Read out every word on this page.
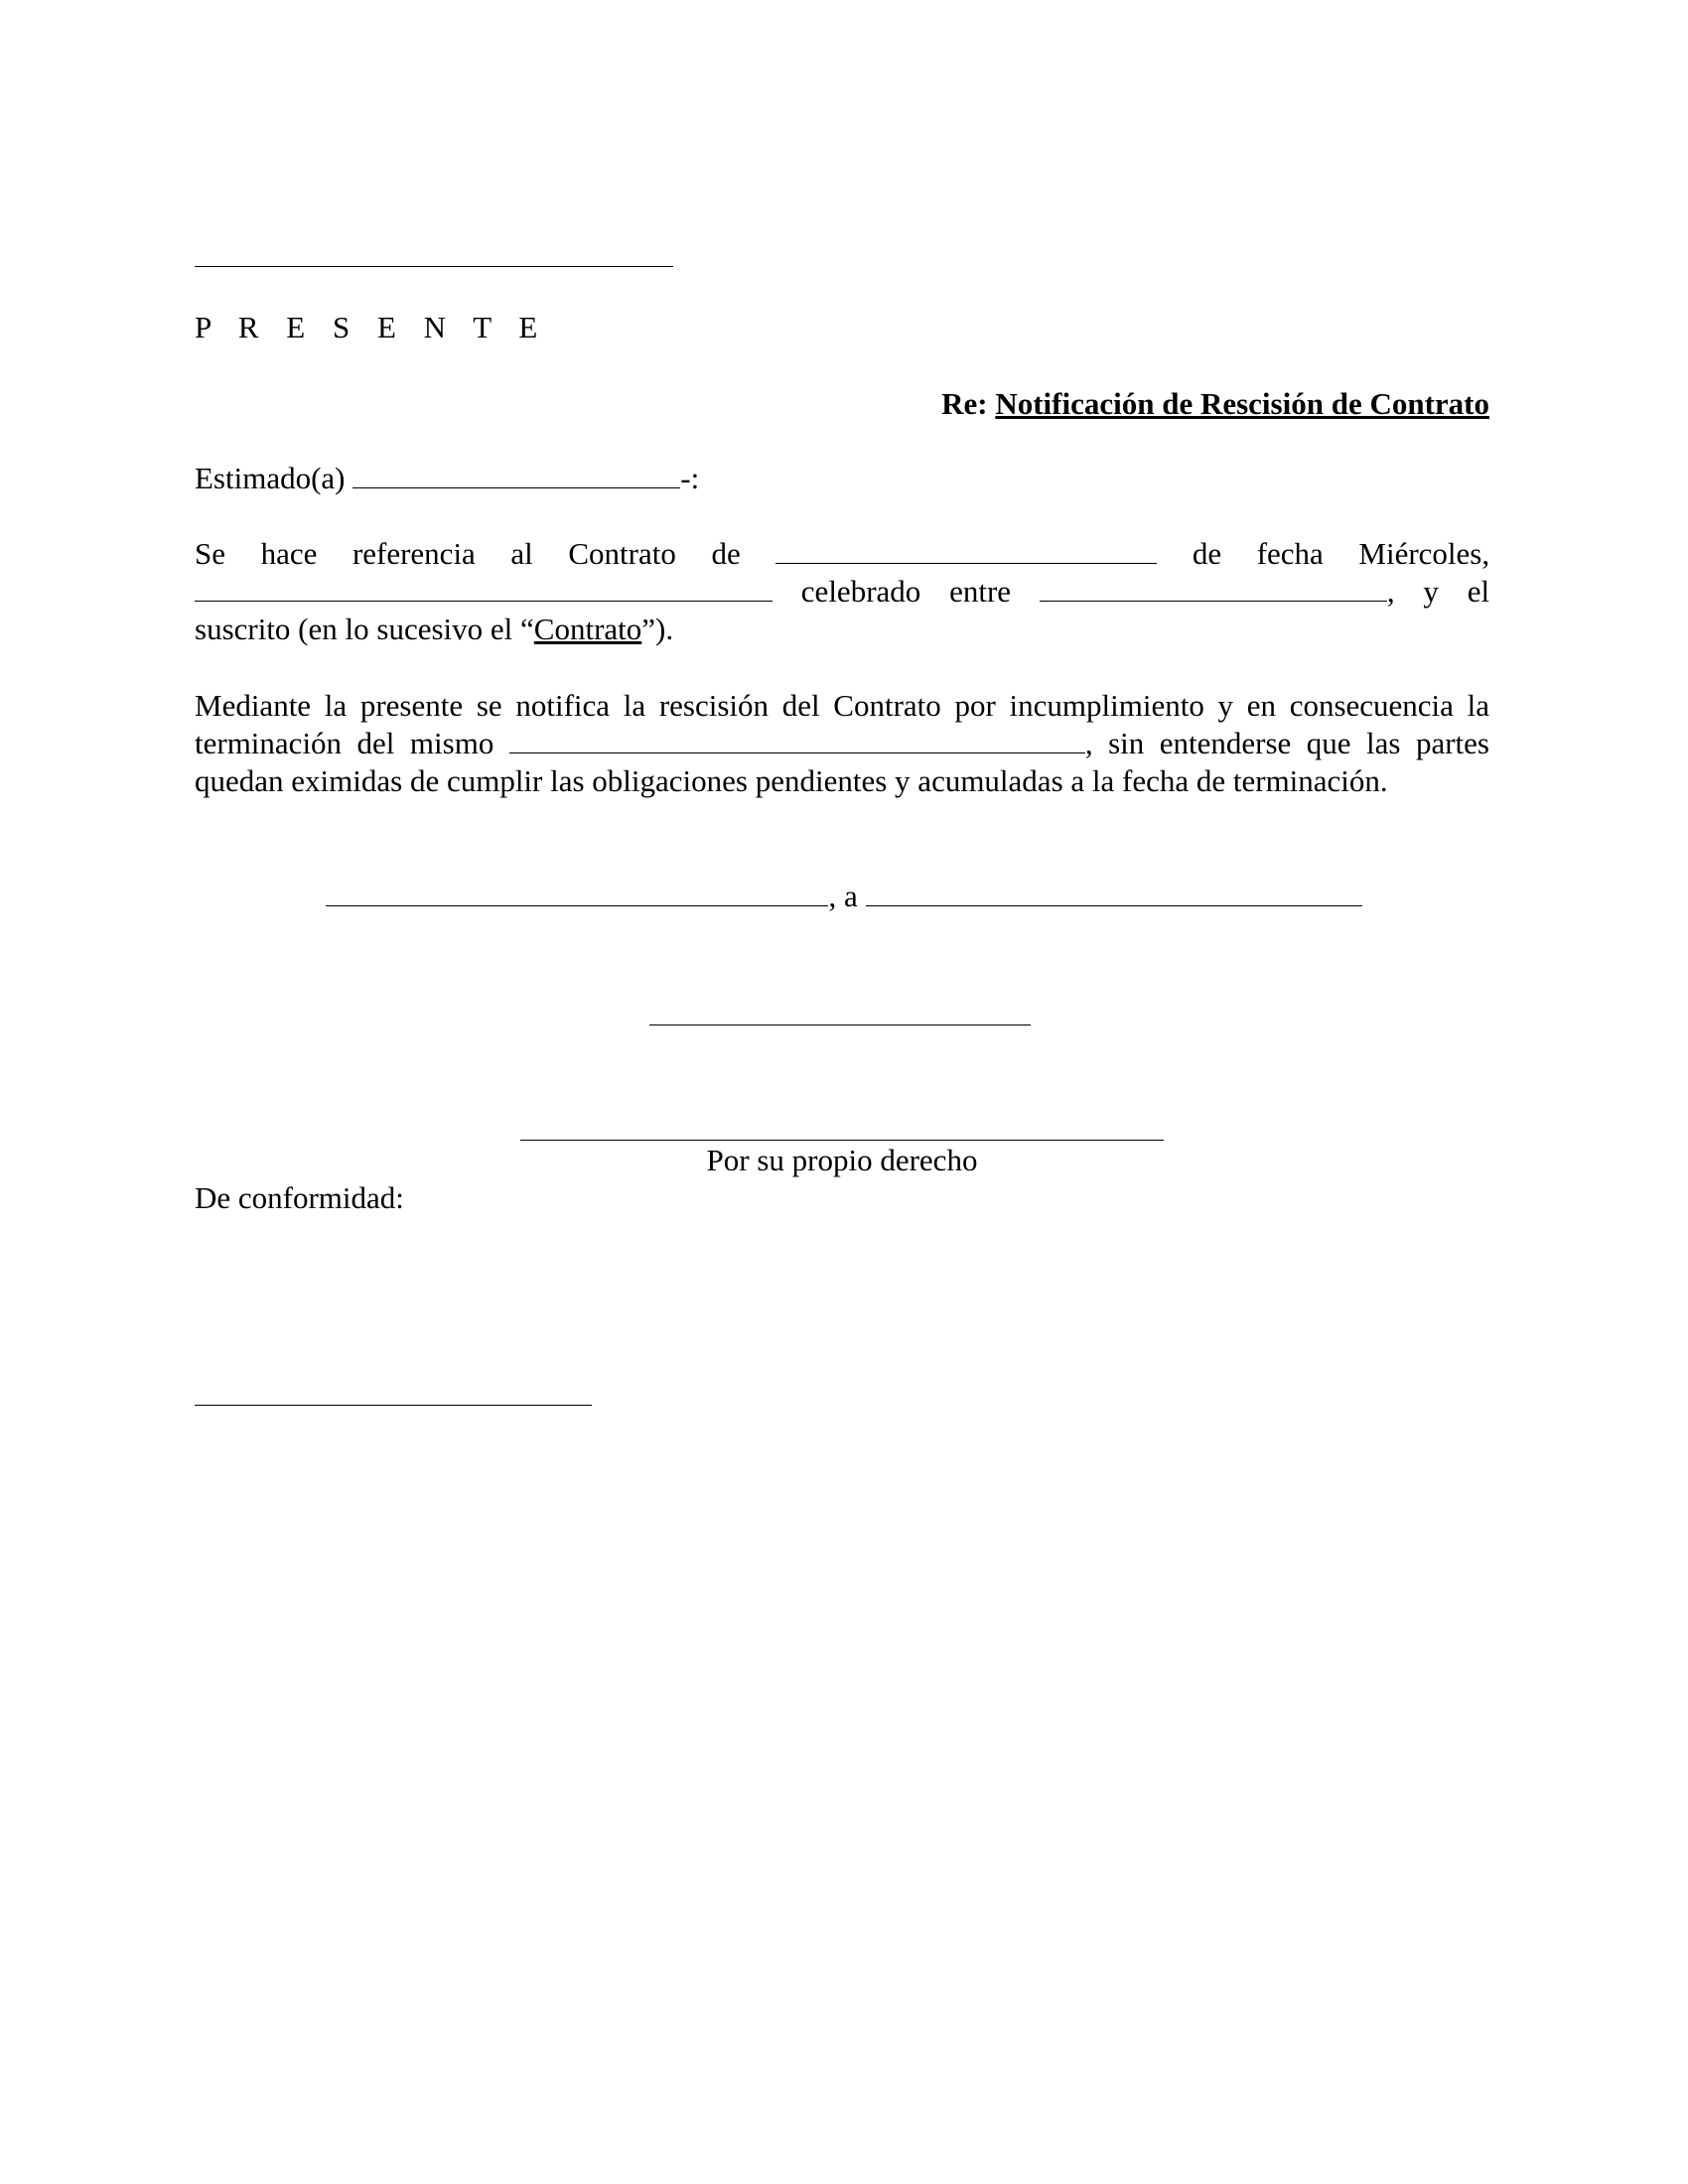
P R E S E N T E
Re: Notificación de Rescisión de Contrato
Estimado(a)	-:
Se hace referencia al Contrato de	de fecha Miércoles,
celebrado entre	, y el
suscrito (en lo sucesivo el “Contrato”).
Mediante la presente se notifica la rescisión del Contrato por incumplimiento y en consecuencia la
terminación del mismo	, sin entenderse que las partes
quedan eximidas de cumplir las obligaciones pendientes y acumuladas a la fecha de terminación.
, a
Por su propio derecho
De conformidad:
